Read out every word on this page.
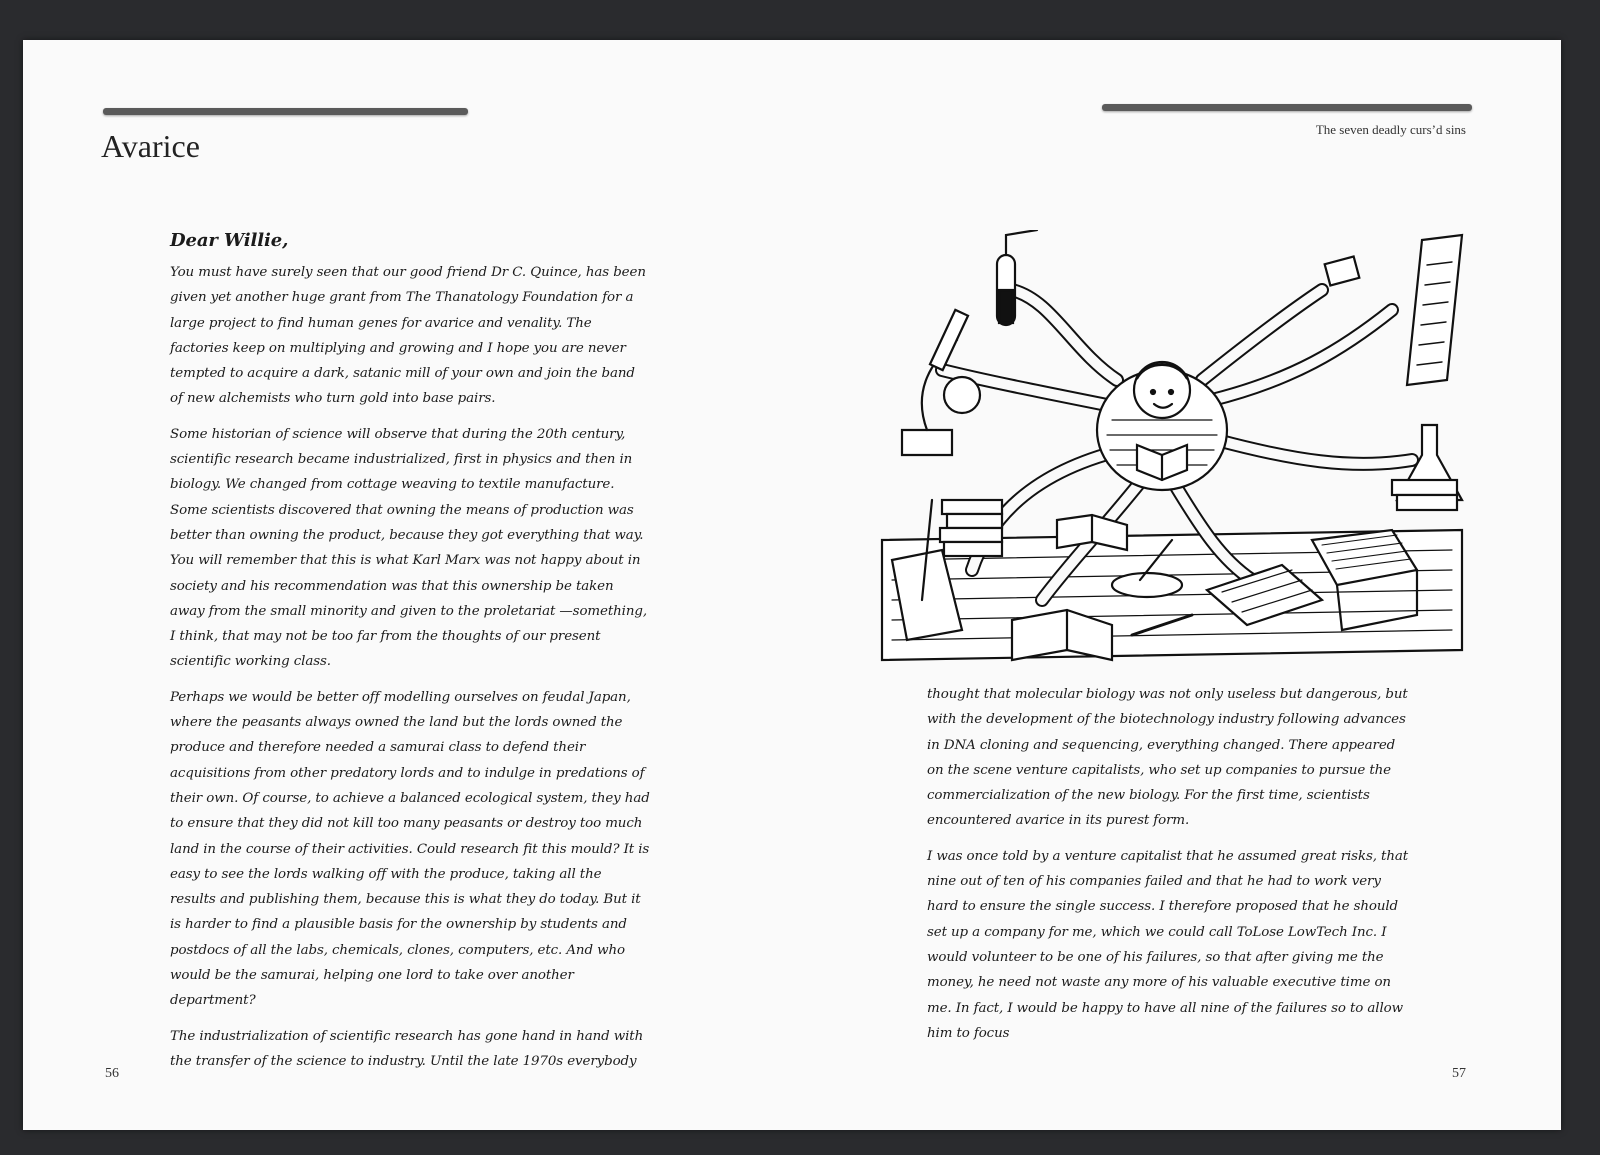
Avarice
Dear Willie,

You must have surely seen that our good friend Dr C. Quince, has been given yet another huge grant from The Thanatology Foundation for a large project to find human genes for avarice and venality. The factories keep on multiplying and growing and I hope you are never tempted to acquire a dark, satanic mill of your own and join the band of new alchemists who turn gold into base pairs.

Some historian of science will observe that during the 20th century, scientific research became industrialized, first in physics and then in biology. We changed from cottage weaving to textile manufacture. Some scientists discovered that owning the means of production was better than owning the product, because they got everything that way. You will remember that this is what Karl Marx was not happy about in society and his recommendation was that this ownership be taken away from the small minority and given to the proletariat —something, I think, that may not be too far from the thoughts of our present scientific working class.

Perhaps we would be better off modelling ourselves on feudal Japan, where the peasants always owned the land but the lords owned the produce and therefore needed a samurai class to defend their acquisitions from other predatory lords and to indulge in predations of their own. Of course, to achieve a balanced ecological system, they had to ensure that they did not kill too many peasants or destroy too much land in the course of their activities. Could research fit this mould? It is easy to see the lords walking off with the produce, taking all the results and publishing them, because this is what they do today. But it is harder to find a plausible basis for the ownership by students and postdocs of all the labs, chemicals, clones, computers, etc. And who would be the samurai, helping one lord to take over another department?

The industrialization of scientific research has gone hand in hand with the transfer of the science to industry. Until the late 1970s everybody

56
The seven deadly curs’d sins

thought that molecular biology was not only useless but dangerous, but with the development of the biotechnology industry following advances in DNA cloning and sequencing, everything changed. There appeared on the scene venture capitalists, who set up companies to pursue the commercialization of the new biology. For the first time, scientists encountered avarice in its purest form.

I was once told by a venture capitalist that he assumed great risks, that nine out of ten of his companies failed and that he had to work very hard to ensure the single success. I therefore proposed that he should set up a company for me, which we could call ToLose LowTech Inc. I would volunteer to be one of his failures, so that after giving me the money, he need not waste any more of his valuable executive time on me. In fact, I would be happy to have all nine of the failures so to allow him to focus

57
